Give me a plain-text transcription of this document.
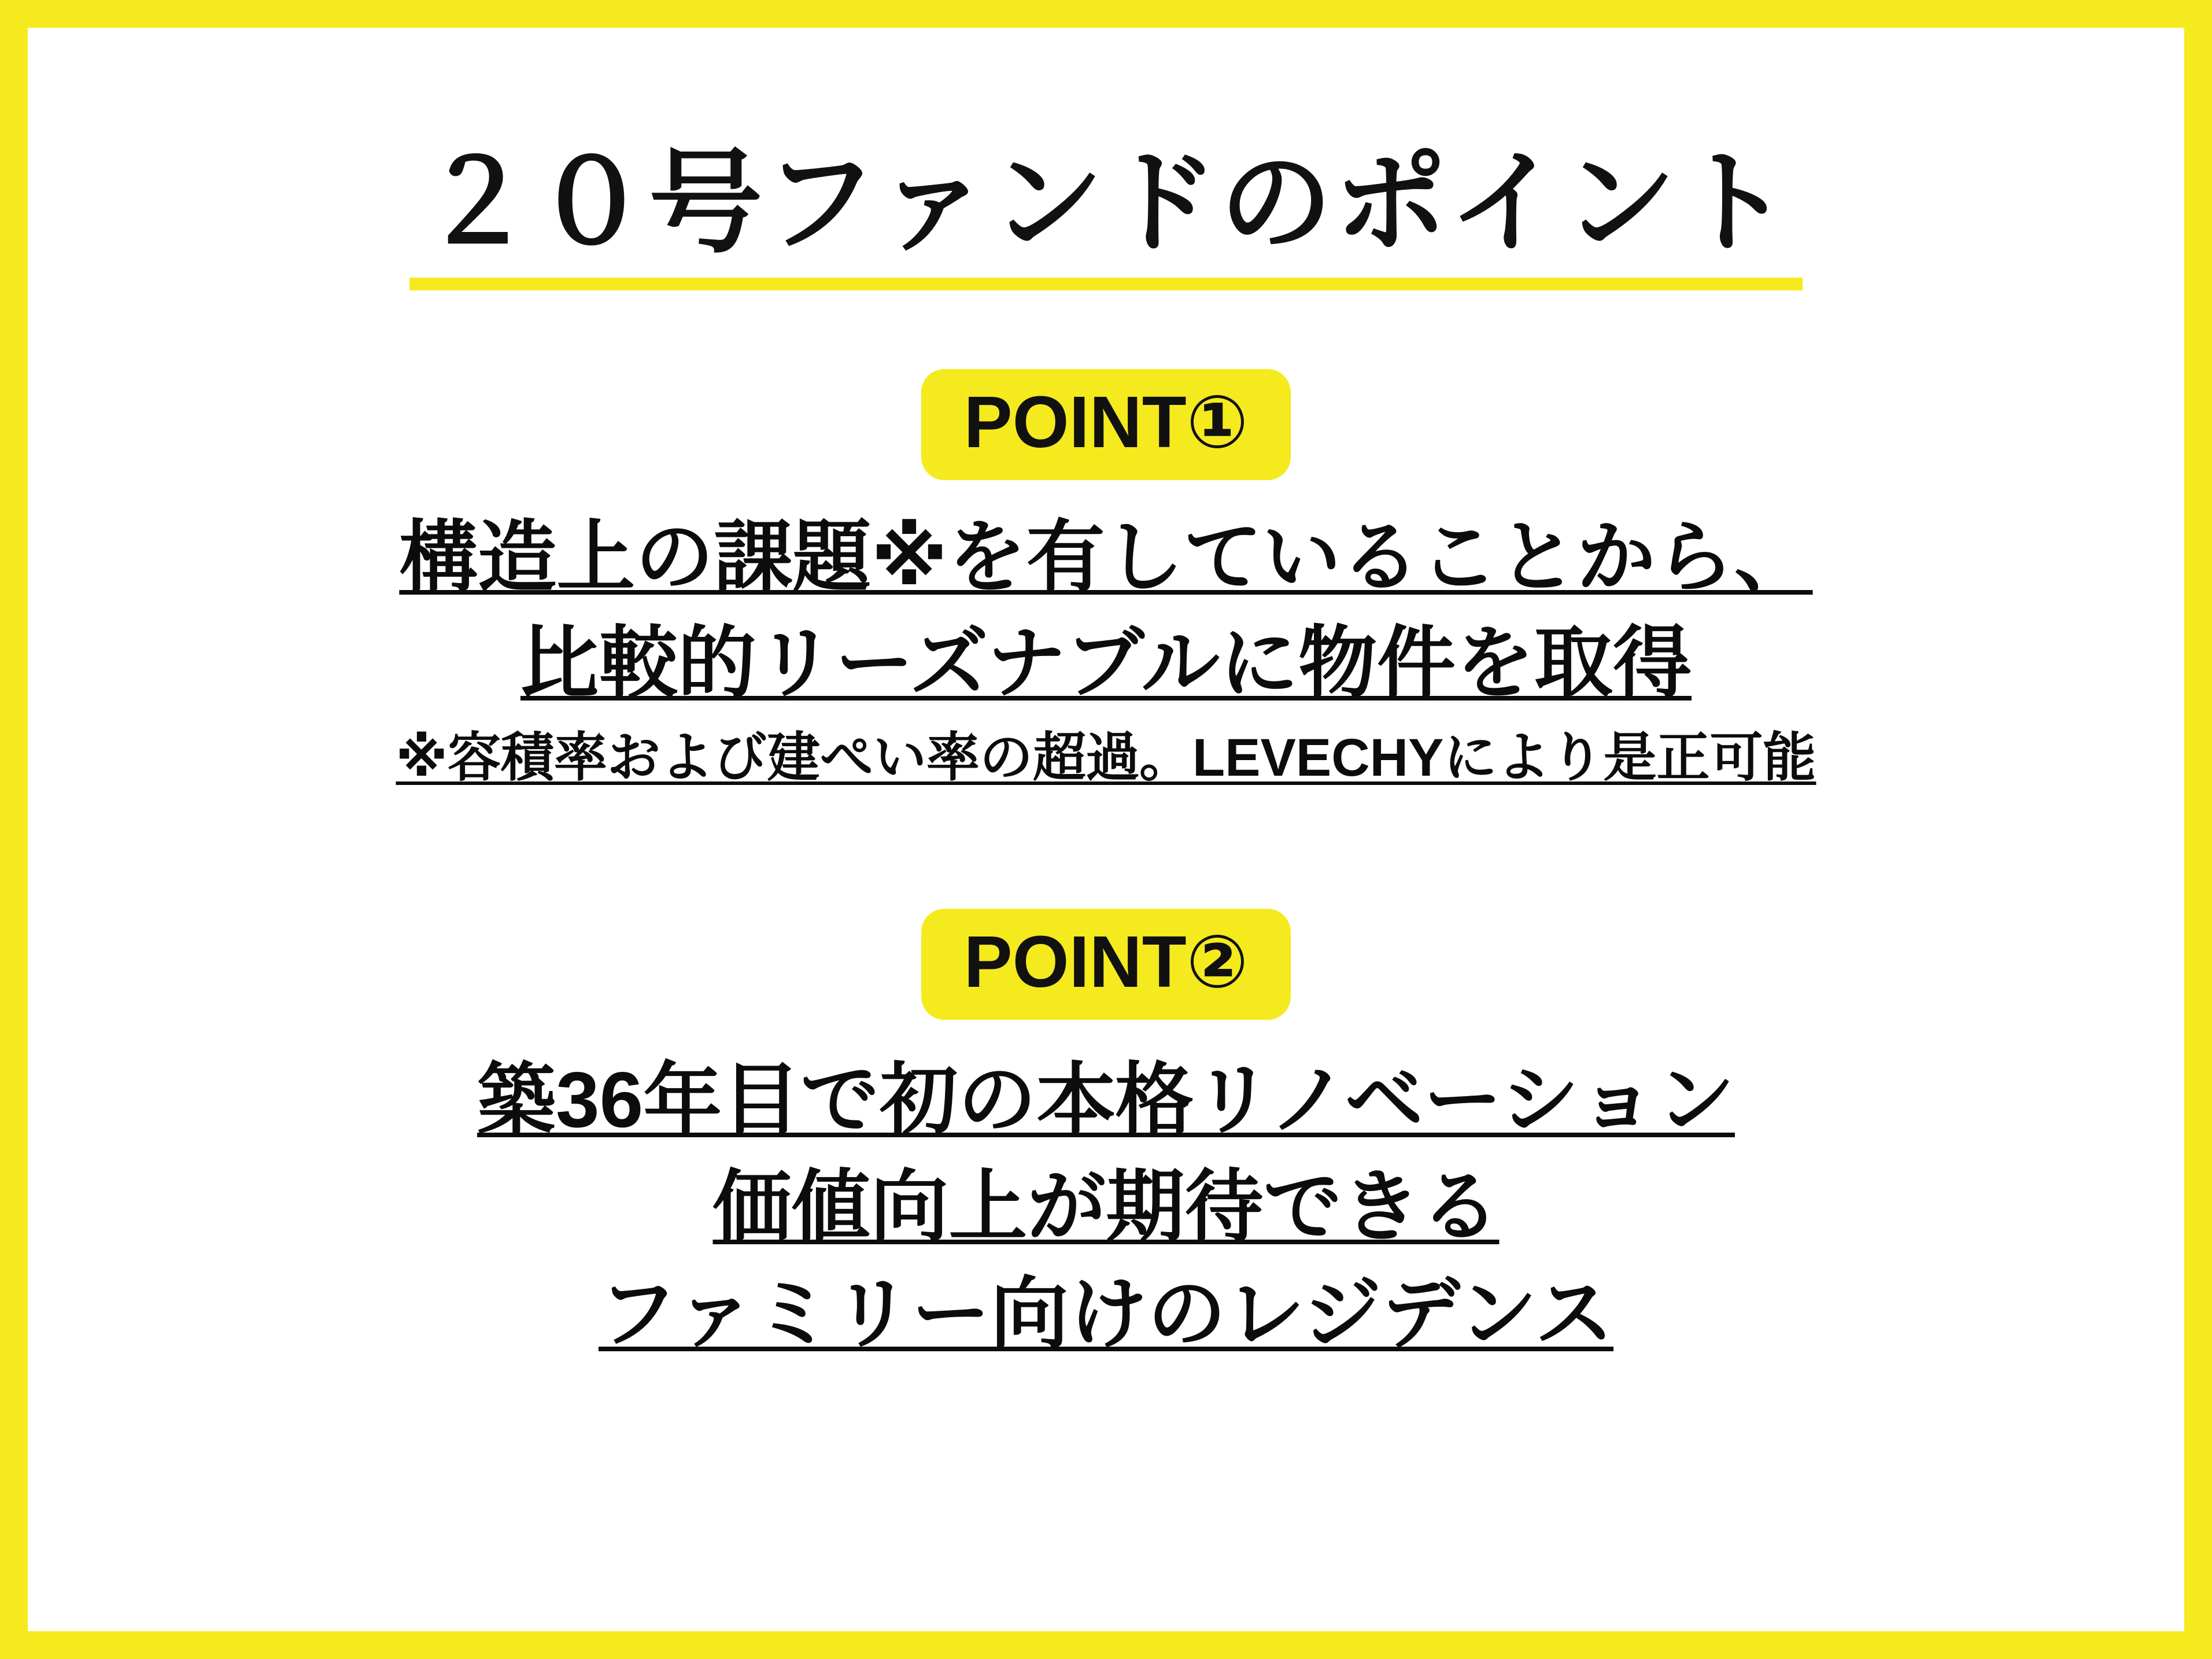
２０号ファンドのポイント
POINT①
構造上の課題※を有していることから、
比較的リーズナブルに物件を取得
※容積率および建ぺい率の超過。LEVECHYにより是正可能
POINT②
築36年目で初の本格リノベーション
価値向上が期待できる
ファミリー向けのレジデンス
